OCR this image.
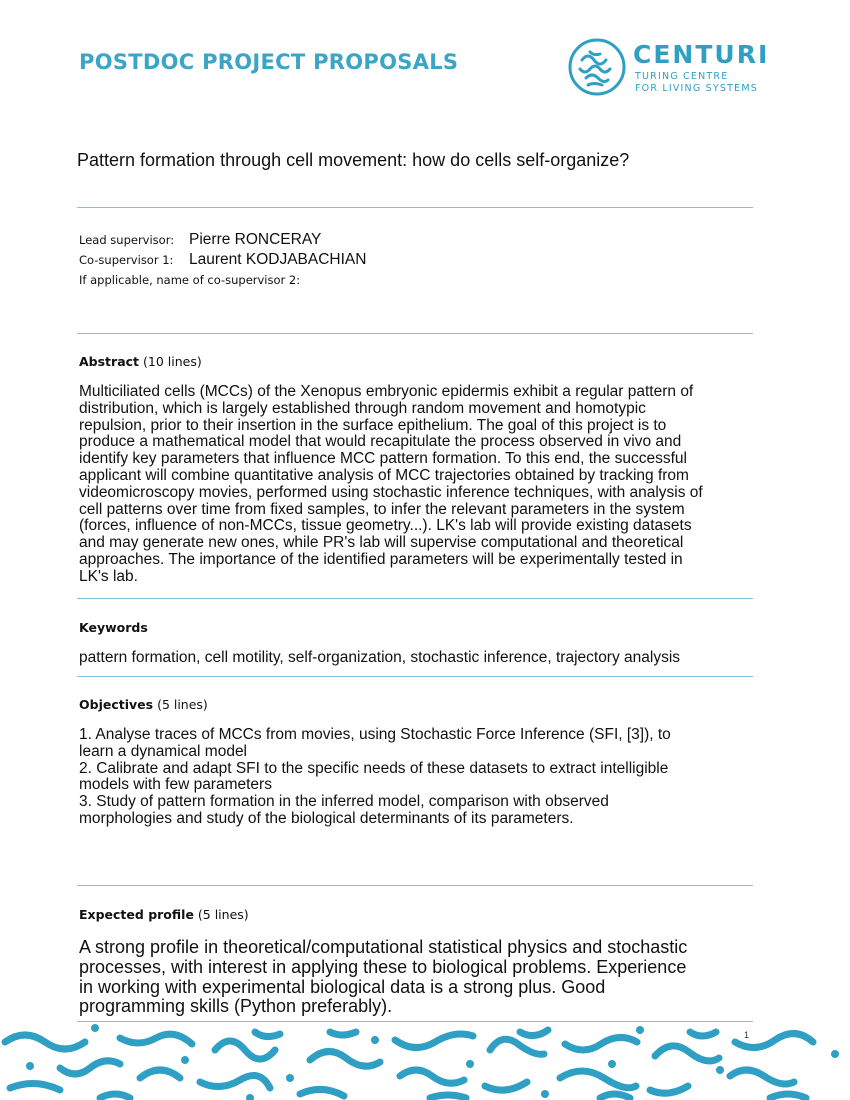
POSTDOC PROJECT PROPOSALS	CENTURI
TURING CENTRE
FOR LIVING SYSTEMS
Pattern formation through cell movement: how do cells self-organize?
Lead supervisor: Pierre RONCERAY
Co-supervisor 1: Laurent KODJABACHIAN
If applicable, name of co-supervisor 2:
Abstract (10 lines)
Multiciliated cells (MCCs) of the Xenopus embryonic epidermis exhibit a regular pattern of
distribution, which is largely established through random movement and homotypic
repulsion, prior to their insertion in the surface epithelium. The goal of this project is to
produce a mathematical model that would recapitulate the process observed in vivo and
identify key parameters that influence MCC pattern formation. To this end, the successful
applicant will combine quantitative analysis of MCC trajectories obtained by tracking from
videomicroscopy movies, performed using stochastic inference techniques, with analysis of
cell patterns over time from fixed samples, to infer the relevant parameters in the system
(forces, influence of non-MCCs, tissue geometry...). LK's lab will provide existing datasets
and may generate new ones, while PR's lab will supervise computational and theoretical
approaches. The importance of the identified parameters will be experimentally tested in
LK's lab.
Keywords
pattern formation, cell motility, self-organization, stochastic inference, trajectory analysis
Objectives (5 lines)
1. Analyse traces of MCCs from movies, using Stochastic Force Inference (SFI, [3]), to
learn a dynamical model
2. Calibrate and adapt SFI to the specific needs of these datasets to extract intelligible
models with few parameters
3. Study of pattern formation in the inferred model, comparison with observed
morphologies and study of the biological determinants of its parameters.
Expected profile (5 lines)
A strong profile in theoretical/computational statistical physics and stochastic
processes, with interest in applying these to biological problems. Experience
in working with experimental biological data is a strong plus. Good
programming skills (Python preferably).
1
